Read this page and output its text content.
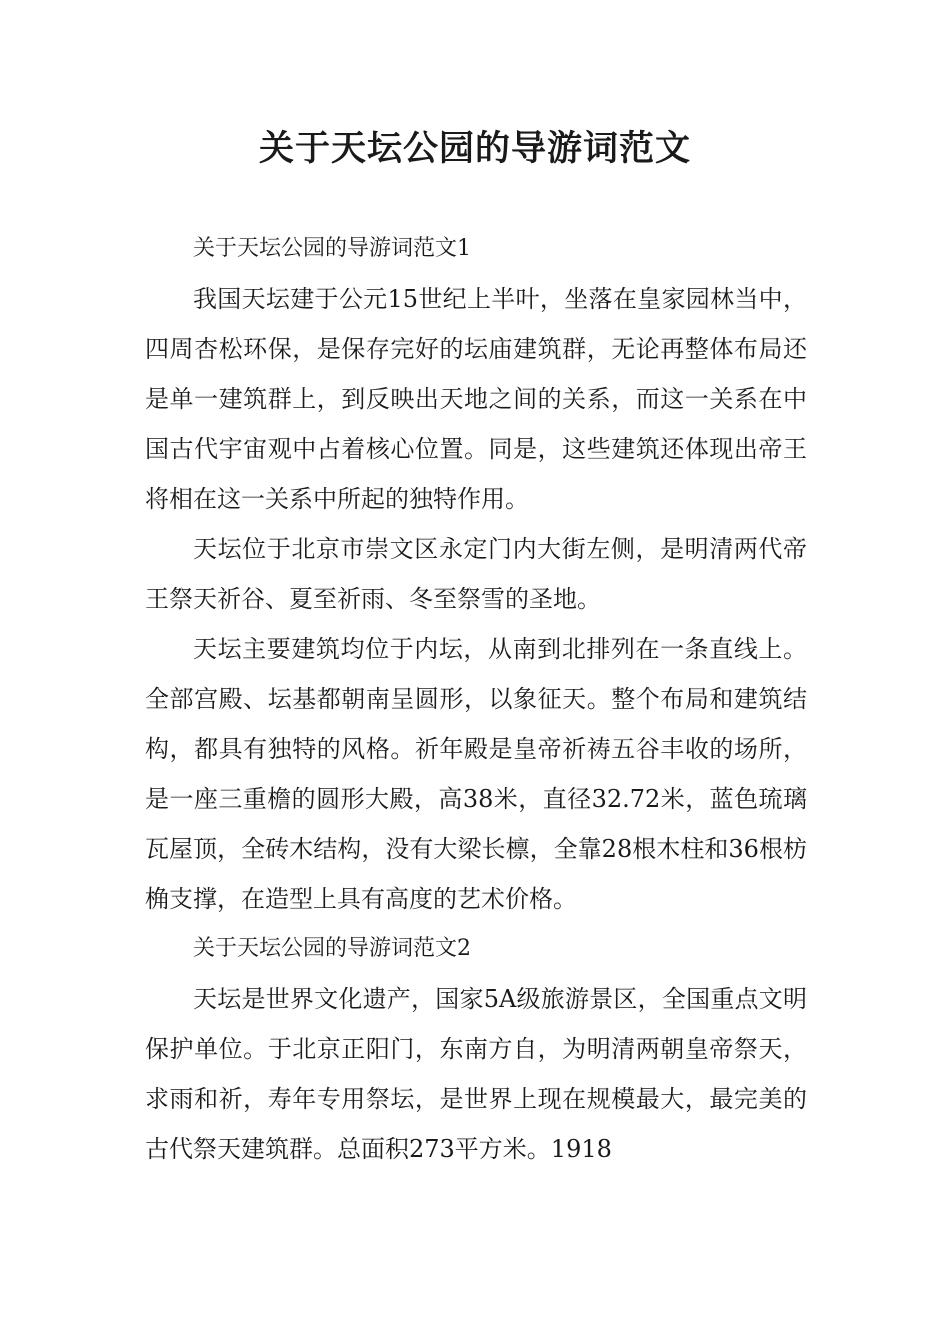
关于天坛公园的导游词范文

关于天坛公园的导游词范文1

我国天坛建于公元15世纪上半叶，坐落在皇家园林当中，四周杏松环保，是保存完好的坛庙建筑群，无论再整体布局还是单一建筑群上，到反映出天地之间的关系，而这一关系在中国古代宇宙观中占着核心位置。同是，这些建筑还体现出帝王将相在这一关系中所起的独特作用。

天坛位于北京市崇文区永定门内大街左侧，是明清两代帝王祭天祈谷、夏至祈雨、冬至祭雪的圣地。

天坛主要建筑均位于内坛，从南到北排列在一条直线上。全部宫殿、坛基都朝南呈圆形，以象征天。整个布局和建筑结构，都具有独特的风格。祈年殿是皇帝祈祷五谷丰收的场所，是一座三重檐的圆形大殿，高38米，直径32.72米，蓝色琉璃瓦屋顶，全砖木结构，没有大梁长檩，全靠28根木柱和36根枋桷支撑，在造型上具有高度的艺术价格。

关于天坛公园的导游词范文2

天坛是世界文化遗产，国家5A级旅游景区，全国重点文明保护单位。于北京正阳门，东南方自，为明清两朝皇帝祭天，求雨和祈，寿年专用祭坛，是世界上现在规模最大，最完美的古代祭天建筑群。总面积273平方米。1918
